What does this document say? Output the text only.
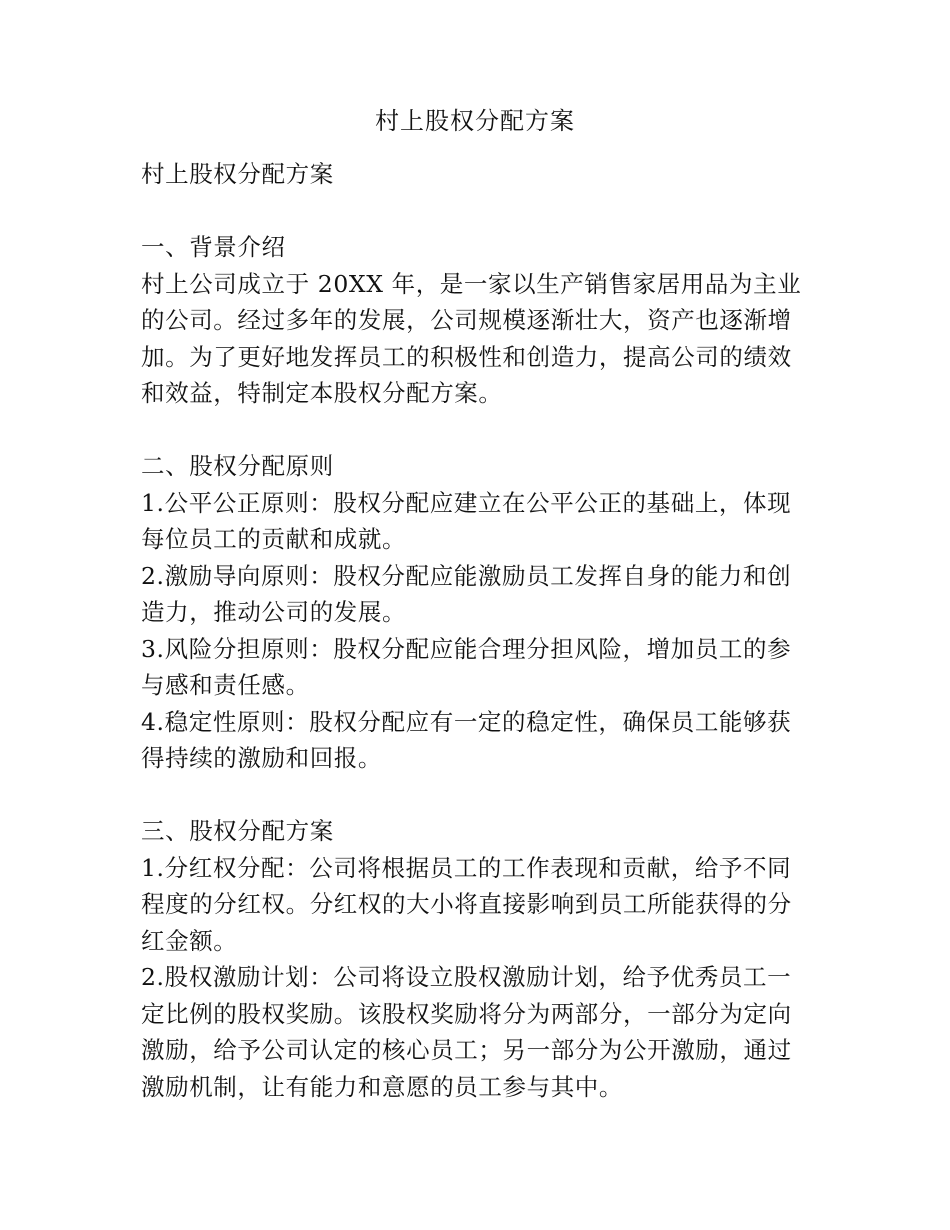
村上股权分配方案
村上股权分配方案
一、背景介绍
村上公司成立于 20XX 年，是一家以生产销售家居用品为主业
的公司。经过多年的发展，公司规模逐渐壮大，资产也逐渐增
加。为了更好地发挥员工的积极性和创造力，提高公司的绩效
和效益，特制定本股权分配方案。
二、股权分配原则
1.公平公正原则：股权分配应建立在公平公正的基础上，体现
每位员工的贡献和成就。
2.激励导向原则：股权分配应能激励员工发挥自身的能力和创
造力，推动公司的发展。
3.风险分担原则：股权分配应能合理分担风险，增加员工的参
与感和责任感。
4.稳定性原则：股权分配应有一定的稳定性，确保员工能够获
得持续的激励和回报。
三、股权分配方案
1.分红权分配：公司将根据员工的工作表现和贡献，给予不同
程度的分红权。分红权的大小将直接影响到员工所能获得的分
红金额。
2.股权激励计划：公司将设立股权激励计划，给予优秀员工一
定比例的股权奖励。该股权奖励将分为两部分，一部分为定向
激励，给予公司认定的核心员工；另一部分为公开激励，通过
激励机制，让有能力和意愿的员工参与其中。
